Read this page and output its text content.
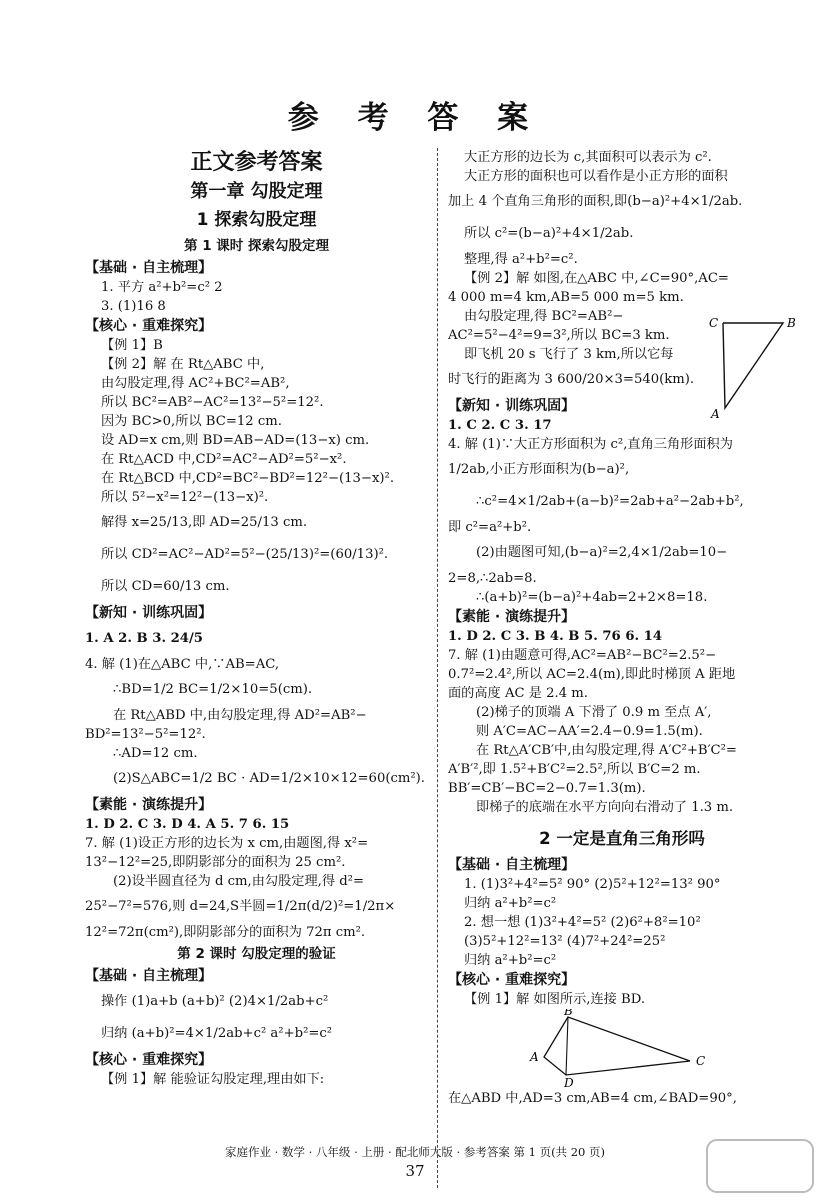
参 考 答 案
正文参考答案
第一章 勾股定理
1 探索勾股定理
第 1 课时 探索勾股定理
【基础 · 自主梳理】
1. 平方 a²+b²=c² 2
3. (1)16 8
【核心 · 重难探究】
【例 1】B
【例 2】解 在 Rt△ABC 中,
由勾股定理,得 AC²+BC²=AB²,
所以 BC²=AB²−AC²=13²−5²=12².
因为 BC>0,所以 BC=12 cm.
设 AD=x cm,则 BD=AB−AD=(13−x) cm.
在 Rt△ACD 中,CD²=AC²−AD²=5²−x².
在 Rt△BCD 中,CD²=BC²−BD²=12²−(13−x)².
所以 5²−x²=12²−(13−x)².
解得 x=25/13,即 AD=25/13 cm.
所以 CD²=AC²−AD²=5²−(25/13)²=(60/13)².
所以 CD=60/13 cm.
【新知 · 训练巩固】
1. A 2. B 3. 24/5
4. 解 (1)在△ABC 中,∵AB=AC,
∴BD=1/2 BC=1/2×10=5(cm).
在 Rt△ABD 中,由勾股定理,得 AD²=AB²−
BD²=13²−5²=12².
∴AD=12 cm.
(2)S△ABC=1/2 BC · AD=1/2×10×12=60(cm²).
【素能 · 演练提升】
1. D 2. C 3. D 4. A 5. 7 6. 15
7. 解 (1)设正方形的边长为 x cm,由题图,得 x²=
13²−12²=25,即阴影部分的面积为 25 cm².
(2)设半圆直径为 d cm,由勾股定理,得 d²=
25²−7²=576,则 d=24,S半圆=1/2π(d/2)²=1/2π×
12²=72π(cm²),即阴影部分的面积为 72π cm².
第 2 课时 勾股定理的验证
【基础 · 自主梳理】
操作 (1)a+b (a+b)² (2)4×1/2ab+c²
归纳 (a+b)²=4×1/2ab+c² a²+b²=c²
【核心 · 重难探究】
【例 1】解 能验证勾股定理,理由如下:
大正方形的边长为 c,其面积可以表示为 c².
大正方形的面积也可以看作是小正方形的面积
加上 4 个直角三角形的面积,即(b−a)²+4×1/2ab.
所以 c²=(b−a)²+4×1/2ab.
整理,得 a²+b²=c².
【例 2】解 如图,在△ABC 中,∠C=90°,AC=
4 000 m=4 km,AB=5 000 m=5 km.
由勾股定理,得 BC²=AB²−
AC²=5²−4²=9=3²,所以 BC=3 km.
即飞机 20 s 飞行了 3 km,所以它每
时飞行的距离为 3 600/20×3=540(km).
【新知 · 训练巩固】
1. C 2. C 3. 17
4. 解 (1)∵大正方形面积为 c²,直角三角形面积为
1/2ab,小正方形面积为(b−a)²,
∴c²=4×1/2ab+(a−b)²=2ab+a²−2ab+b²,
即 c²=a²+b².
(2)由题图可知,(b−a)²=2,4×1/2ab=10−
2=8,∴2ab=8.
∴(a+b)²=(b−a)²+4ab=2+2×8=18.
【素能 · 演练提升】
1. D 2. C 3. B 4. B 5. 76 6. 14
7. 解 (1)由题意可得,AC²=AB²−BC²=2.5²−
0.7²=2.4²,所以 AC=2.4(m),即此时梯顶 A 距地
面的高度 AC 是 2.4 m.
(2)梯子的顶端 A 下滑了 0.9 m 至点 A′,
则 A′C=AC−AA′=2.4−0.9=1.5(m).
在 Rt△A′CB′中,由勾股定理,得 A′C²+B′C²=
A′B′²,即 1.5²+B′C²=2.5²,所以 B′C=2 m.
BB′=CB′−BC=2−0.7=1.3(m).
即梯子的底端在水平方向向右滑动了 1.3 m.
2 一定是直角三角形吗
【基础 · 自主梳理】
1. (1)3²+4²=5² 90° (2)5²+12²=13² 90°
归纳 a²+b²=c²
2. 想一想 (1)3²+4²=5² (2)6²+8²=10²
(3)5²+12²=13² (4)7²+24²=25²
归纳 a²+b²=c²
【核心 · 重难探究】
【例 1】解 如图所示,连接 BD.
C	B
A
B
A
D
C
在△ABD 中,AD=3 cm,AB=4 cm,∠BAD=90°,
家庭作业 · 数学 · 八年级 · 上册 · 配北师大版 · 参考答案 第 1 页(共 20 页)
37
